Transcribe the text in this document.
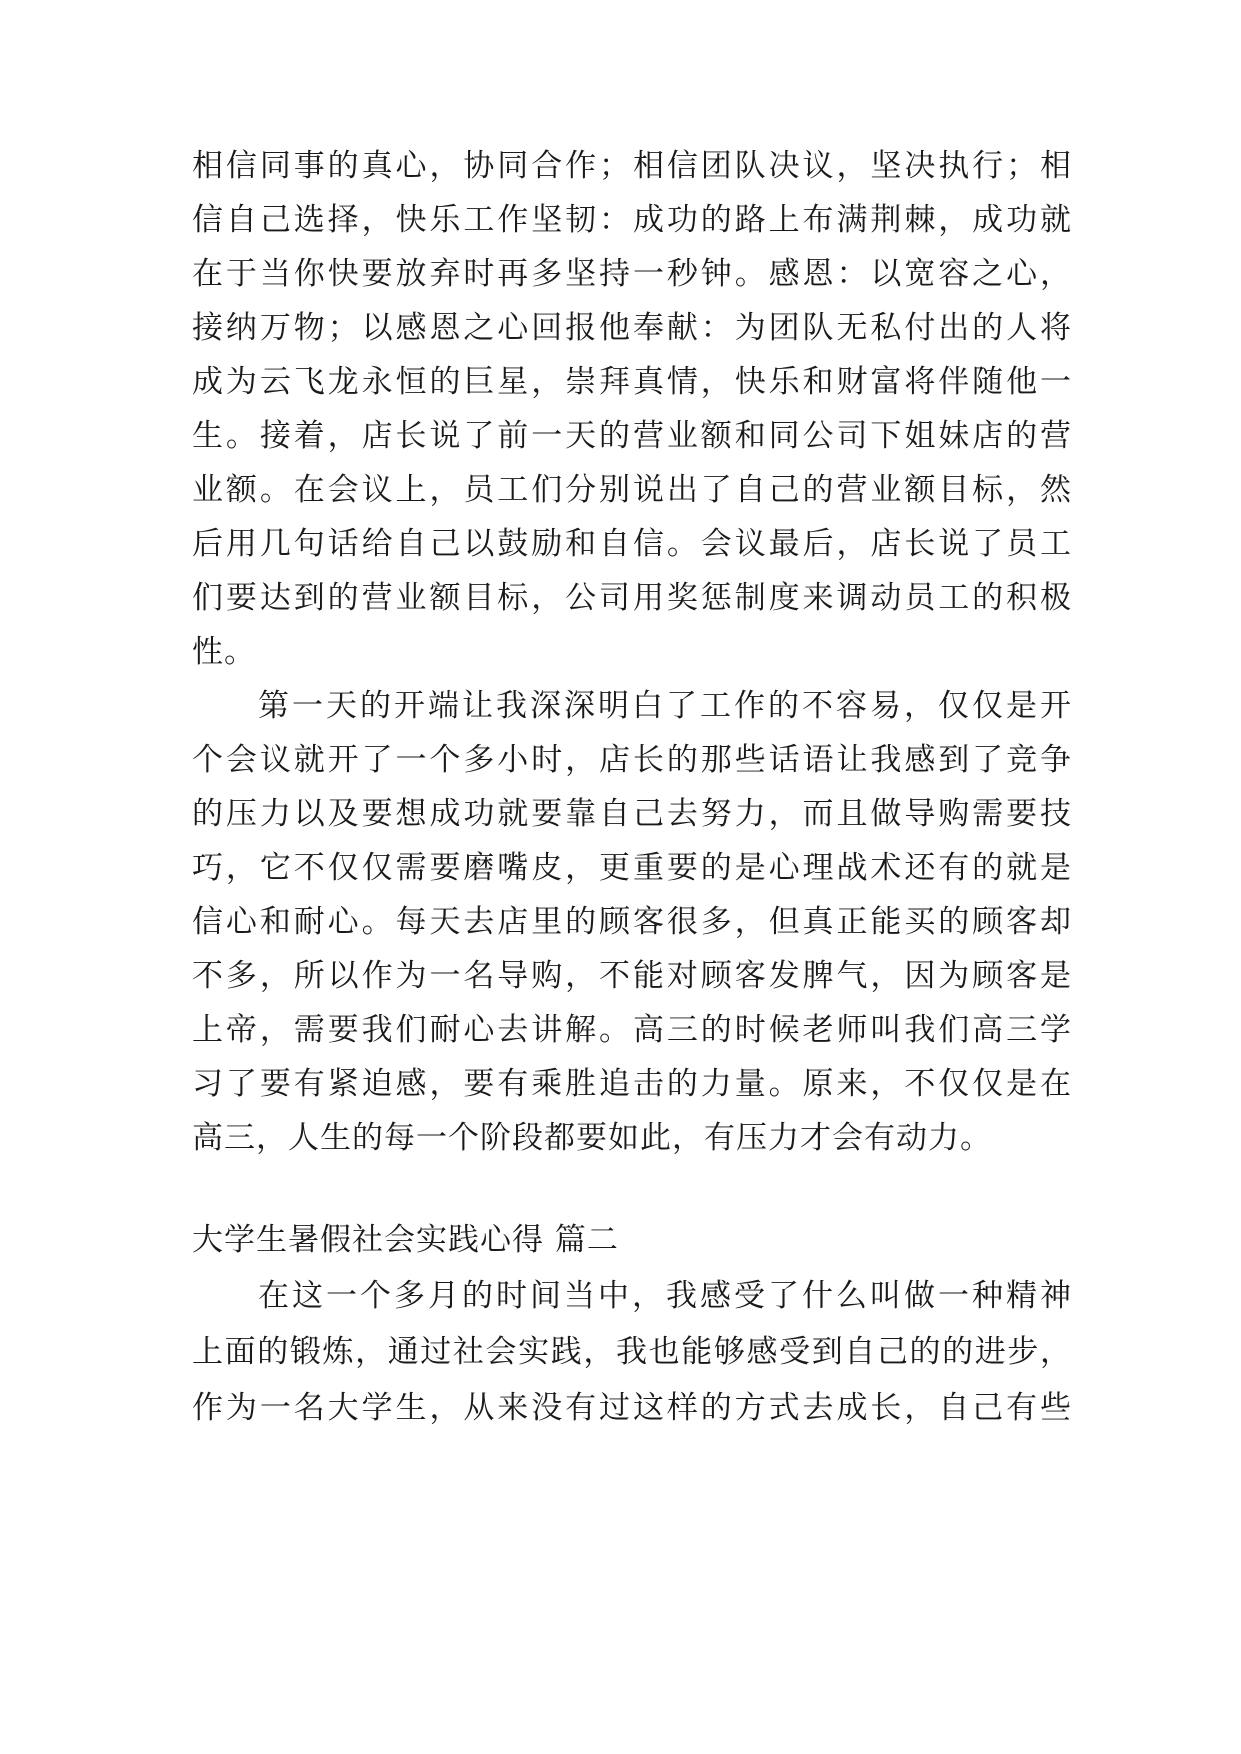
相信同事的真心，协同合作；相信团队决议，坚决执行；相
信自己选择，快乐工作坚韧：成功的路上布满荆棘，成功就
在于当你快要放弃时再多坚持一秒钟。感恩：以宽容之心，
接纳万物；以感恩之心回报他奉献：为团队无私付出的人将
成为云飞龙永恒的巨星，崇拜真情，快乐和财富将伴随他一
生。接着，店长说了前一天的营业额和同公司下姐妹店的营
业额。在会议上，员工们分别说出了自己的营业额目标，然
后用几句话给自己以鼓励和自信。会议最后，店长说了员工
们要达到的营业额目标，公司用奖惩制度来调动员工的积极
性。
第一天的开端让我深深明白了工作的不容易，仅仅是开
个会议就开了一个多小时，店长的那些话语让我感到了竞争
的压力以及要想成功就要靠自己去努力，而且做导购需要技
巧，它不仅仅需要磨嘴皮，更重要的是心理战术还有的就是
信心和耐心。每天去店里的顾客很多，但真正能买的顾客却
不多，所以作为一名导购，不能对顾客发脾气，因为顾客是
上帝，需要我们耐心去讲解。高三的时候老师叫我们高三学
习了要有紧迫感，要有乘胜追击的力量。原来，不仅仅是在
高三，人生的每一个阶段都要如此，有压力才会有动力。
大学生暑假社会实践心得 篇二
在这一个多月的时间当中，我感受了什么叫做一种精神
上面的锻炼，通过社会实践，我也能够感受到自己的的进步，
作为一名大学生，从来没有过这样的方式去成长，自己有些
